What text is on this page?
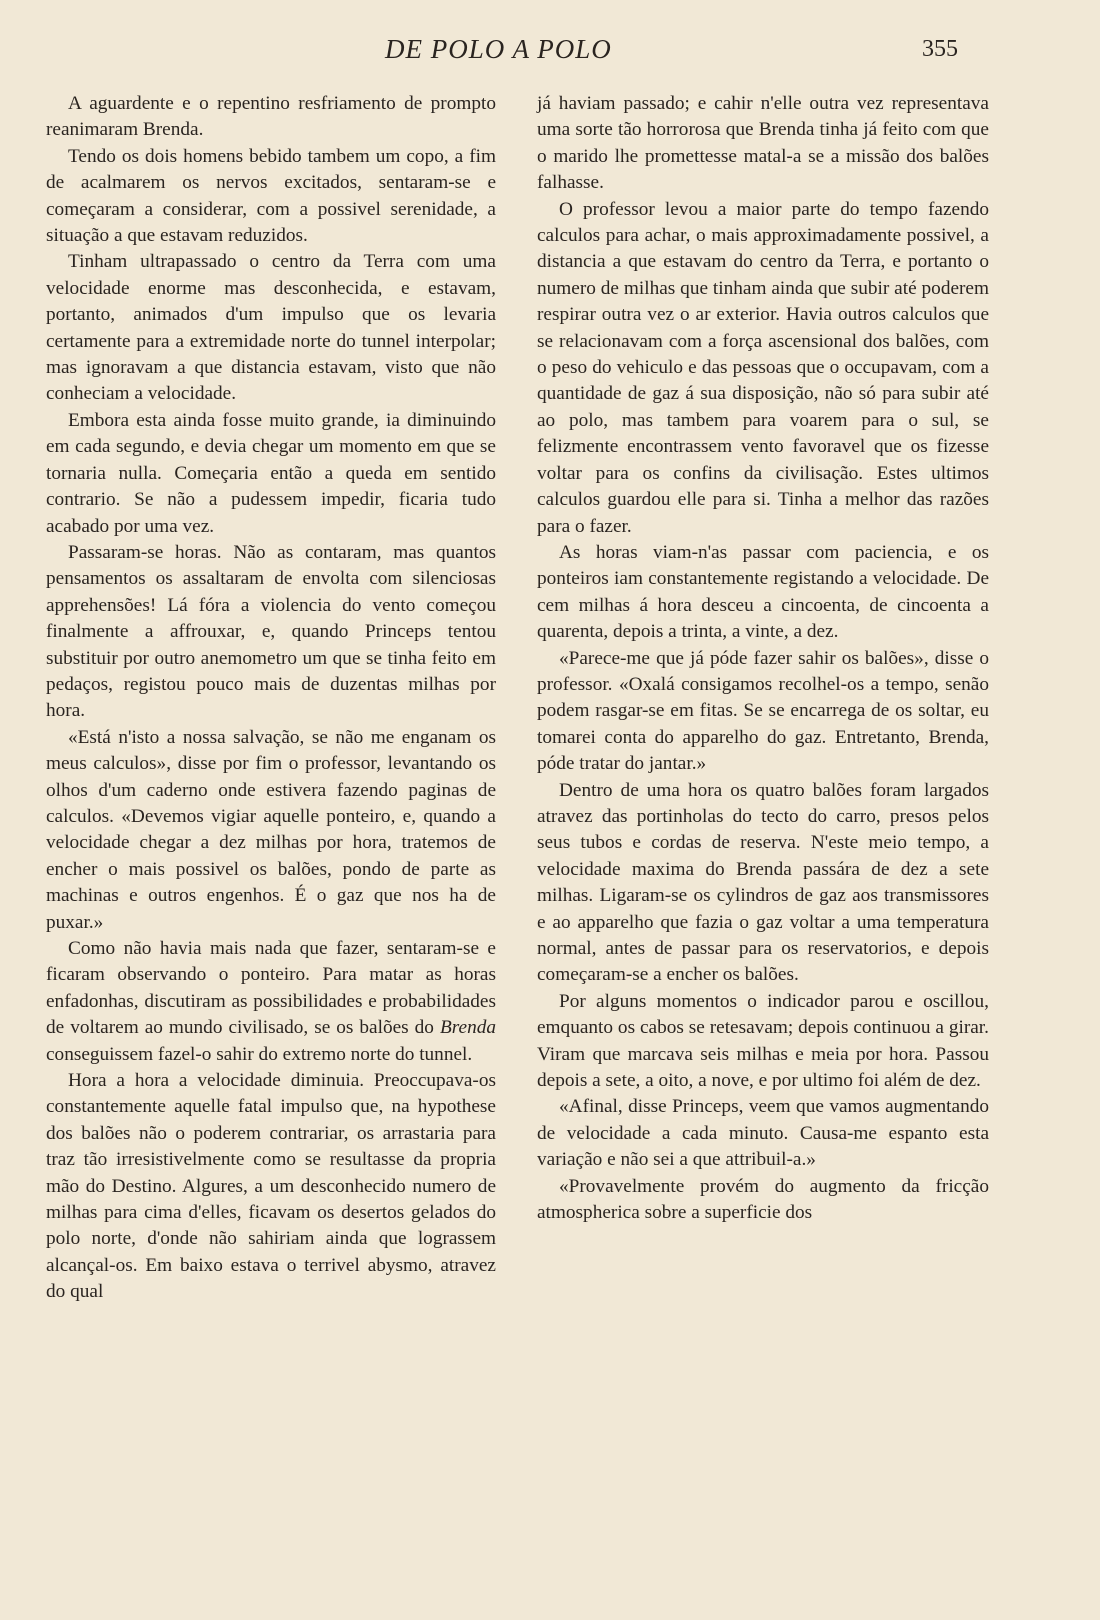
DE POLO A POLO	355

A aguardente e o repentino resfriamento de prompto reanimaram Brenda.

Tendo os dois homens bebido tambem um copo, a fim de acalmarem os nervos excitados, sentaram-se e começaram a considerar, com a possivel serenidade, a situação a que estavam reduzidos.

Tinham ultrapassado o centro da Terra com uma velocidade enorme mas desconhecida, e estavam, portanto, animados d'um impulso que os levaria certamente para a extremidade norte do tunnel interpolar; mas ignoravam a que distancia estavam, visto que não conheciam a velocidade.

Embora esta ainda fosse muito grande, ia diminuindo em cada segundo, e devia chegar um momento em que se tornaria nulla. Começaria então a queda em sentido contrario. Se não a pudessem impedir, ficaria tudo acabado por uma vez.

Passaram-se horas. Não as contaram, mas quantos pensamentos os assaltaram de envolta com silenciosas apprehensões! Lá fóra a violencia do vento começou finalmente a affrouxar, e, quando Princeps tentou substituir por outro anemometro um que se tinha feito em pedaços, registou pouco mais de duzentas milhas por hora.

«Está n'isto a nossa salvação, se não me enganam os meus calculos», disse por fim o professor, levantando os olhos d'um caderno onde estivera fazendo paginas de calculos. «Devemos vigiar aquelle ponteiro, e, quando a velocidade chegar a dez milhas por hora, tratemos de encher o mais possivel os balões, pondo de parte as machinas e outros engenhos. É o gaz que nos ha de puxar.»

Como não havia mais nada que fazer, sentaram-se e ficaram observando o ponteiro. Para matar as horas enfadonhas, discutiram as possibilidades e probabilidades de voltarem ao mundo civilisado, se os balões do Brenda conseguissem fazel-o sahir do extremo norte do tunnel.

Hora a hora a velocidade diminuia. Preoccupava-os constantemente aquelle fatal impulso que, na hypothese dos balões não o poderem contrariar, os arrastaria para traz tão irresistivelmente como se resultasse da propria mão do Destino. Algures, a um desconhecido numero de milhas para cima d'elles, ficavam os desertos gelados do polo norte, d'onde não sahiriam ainda que lograssem alcançal-os. Em baixo estava o terrivel abysmo, atravez do qual

já haviam passado; e cahir n'elle outra vez representava uma sorte tão horrorosa que Brenda tinha já feito com que o marido lhe promettesse matal-a se a missão dos balões falhasse.

O professor levou a maior parte do tempo fazendo calculos para achar, o mais approximadamente possivel, a distancia a que estavam do centro da Terra, e portanto o numero de milhas que tinham ainda que subir até poderem respirar outra vez o ar exterior. Havia outros calculos que se relacionavam com a força ascensional dos balões, com o peso do vehiculo e das pessoas que o occupavam, com a quantidade de gaz á sua disposição, não só para subir até ao polo, mas tambem para voarem para o sul, se felizmente encontrassem vento favoravel que os fizesse voltar para os confins da civilisação. Estes ultimos calculos guardou elle para si. Tinha a melhor das razões para o fazer.

As horas viam-n'as passar com paciencia, e os ponteiros iam constantemente registando a velocidade. De cem milhas á hora desceu a cincoenta, de cincoenta a quarenta, depois a trinta, a vinte, a dez.

«Parece-me que já póde fazer sahir os balões», disse o professor. «Oxalá consigamos recolhel-os a tempo, senão podem rasgar-se em fitas. Se se encarrega de os soltar, eu tomarei conta do apparelho do gaz. Entretanto, Brenda, póde tratar do jantar.»

Dentro de uma hora os quatro balões foram largados atravez das portinholas do tecto do carro, presos pelos seus tubos e cordas de reserva. N'este meio tempo, a velocidade maxima do Brenda passára de dez a sete milhas. Ligaram-se os cylindros de gaz aos transmissores e ao apparelho que fazia o gaz voltar a uma temperatura normal, antes de passar para os reservatorios, e depois começaram-se a encher os balões.

Por alguns momentos o indicador parou e oscillou, emquanto os cabos se retesavam; depois continuou a girar. Viram que marcava seis milhas e meia por hora. Passou depois a sete, a oito, a nove, e por ultimo foi além de dez.

«Afinal, disse Princeps, veem que vamos augmentando de velocidade a cada minuto. Causa-me espanto esta variação e não sei a que attribuil-a.»

«Provavelmente provém do augmento da fricção atmospherica sobre a superficie dos
